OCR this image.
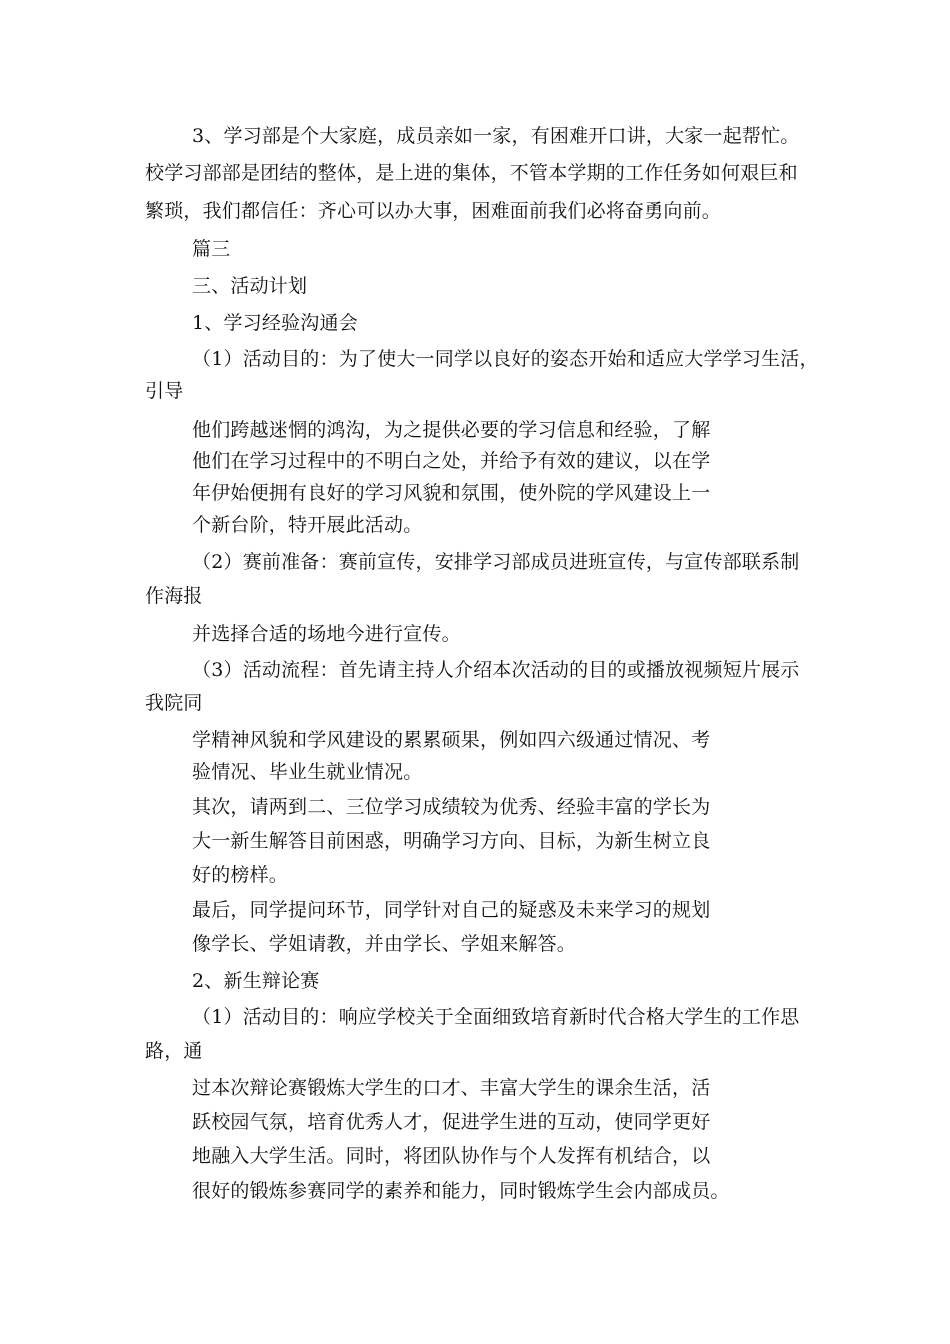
3、学习部是个大家庭，成员亲如一家，有困难开口讲，大家一起帮忙。
校学习部部是团结的整体，是上进的集体，不管本学期的工作任务如何艰巨和
繁琐，我们都信任：齐心可以办大事，困难面前我们必将奋勇向前。
篇三
三、活动计划
1、学习经验沟通会
（1）活动目的：为了使大一同学以良好的姿态开始和适应大学学习生活，
引导
他们跨越迷惘的鸿沟，为之提供必要的学习信息和经验，了解
他们在学习过程中的不明白之处，并给予有效的建议，以在学
年伊始便拥有良好的学习风貌和氛围，使外院的学风建设上一
个新台阶，特开展此活动。
（2）赛前准备：赛前宣传，安排学习部成员进班宣传，与宣传部联系制
作海报
并选择合适的场地今进行宣传。
（3）活动流程：首先请主持人介绍本次活动的目的或播放视频短片展示
我院同
学精神风貌和学风建设的累累硕果，例如四六级通过情况、考
验情况、毕业生就业情况。
其次，请两到二、三位学习成绩较为优秀、经验丰富的学长为
大一新生解答目前困惑，明确学习方向、目标，为新生树立良
好的榜样。
最后，同学提问环节，同学针对自己的疑惑及未来学习的规划
像学长、学姐请教，并由学长、学姐来解答。
2、新生辩论赛
（1）活动目的：响应学校关于全面细致培育新时代合格大学生的工作思
路，通
过本次辩论赛锻炼大学生的口才、丰富大学生的课余生活，活
跃校园气氛，培育优秀人才，促进学生进的互动，使同学更好
地融入大学生活。同时，将团队协作与个人发挥有机结合，以
很好的锻炼参赛同学的素养和能力，同时锻炼学生会内部成员。
